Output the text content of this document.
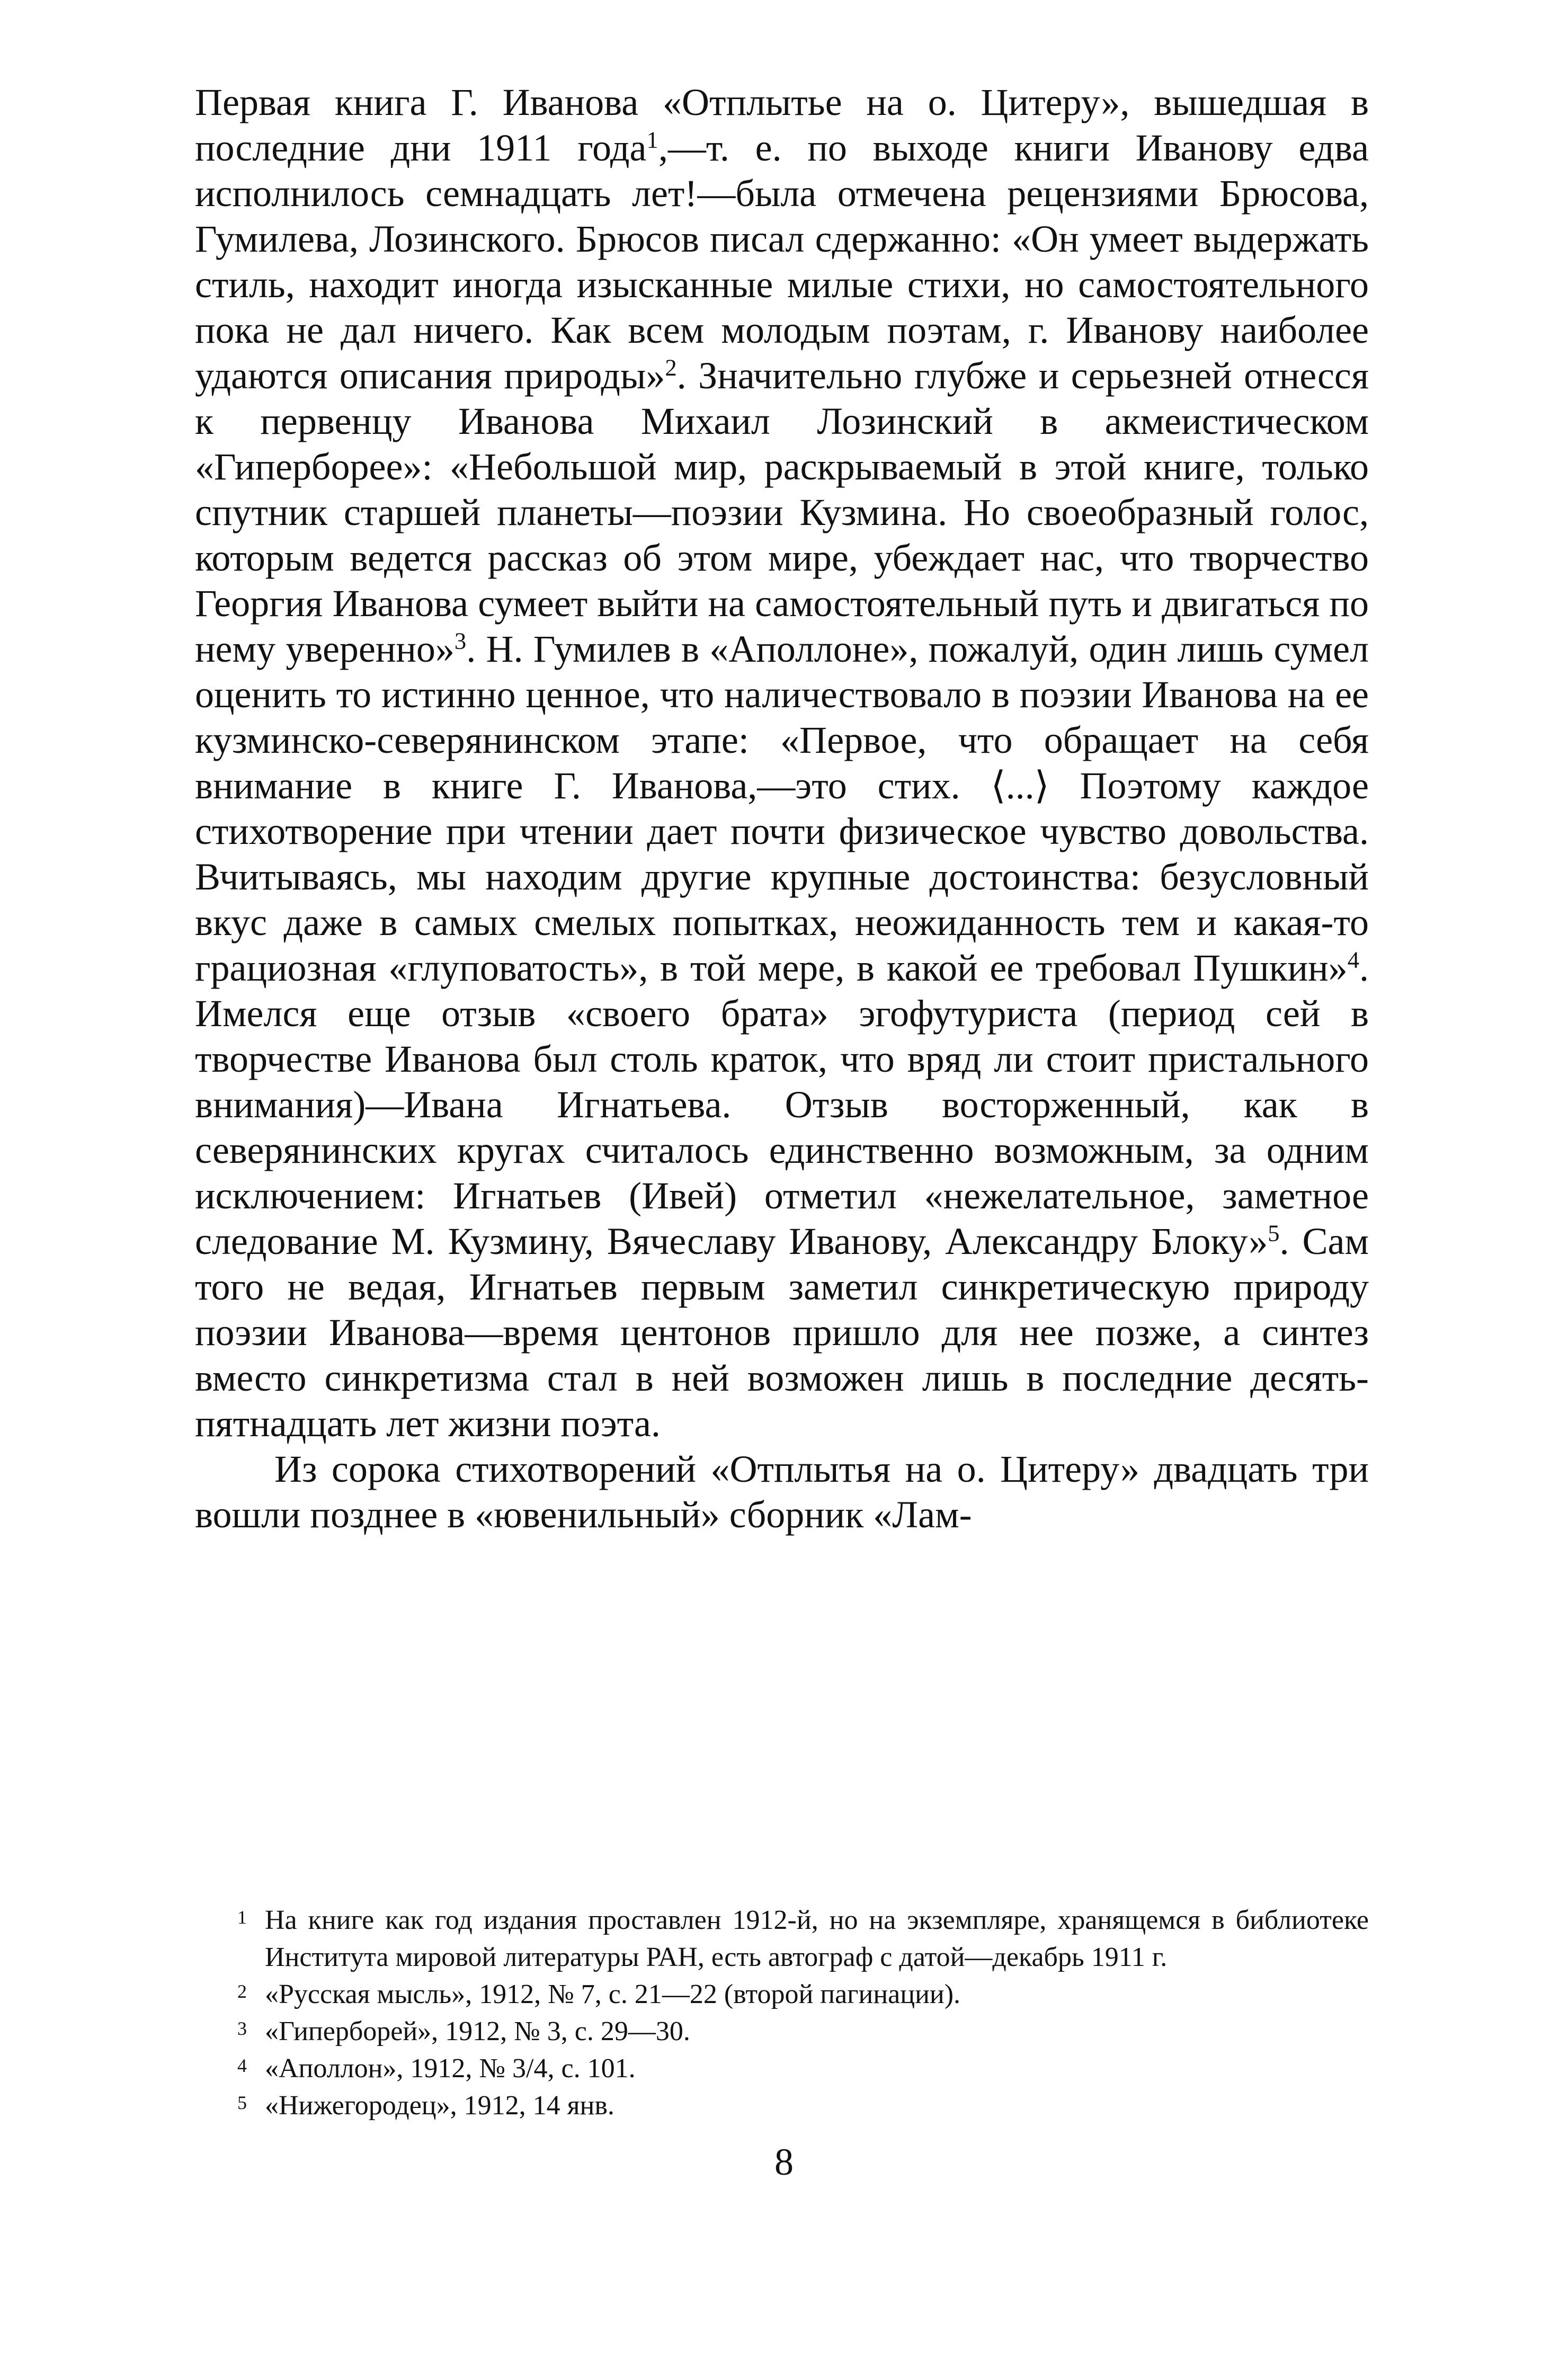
Первая книга Г. Иванова «Отплытье на о. Цитеру», вышедшая в последние дни 1911 года$^1$,—т. е. по выходе книги Иванову едва исполнилось семнадцать лет!—была отмечена рецензиями Брюсова, Гумилева, Лозинского. Брюсов писал сдержанно: «Он умеет выдержать стиль, находит иногда изысканные милые стихи, но самостоятельного пока не дал ничего. Как всем молодым поэтам, г. Иванову наиболее удаются описания природы»$^2$. Значительно глубже и серьезней отнесся к первенцу Иванова Михаил Лозинский в акмеистическом «Гиперборее»: «Небольшой мир, раскрываемый в этой книге, только спутник старшей планеты—поэзии Кузмина. Но своеобразный голос, которым ведется рассказ об этом мире, убеждает нас, что творчество Георгия Иванова сумеет выйти на самостоятельный путь и двигаться по нему уверенно»$^3$. Н. Гумилев в «Аполлоне», пожалуй, один лишь сумел оценить то истинно ценное, что наличествовало в поэзии Иванова на ее кузминско-северянинском этапе: «Первое, что обращает на себя внимание в книге Г. Иванова,—это стих. ⟨...⟩ Поэтому каждое стихотворение при чтении дает почти физическое чувство довольства. Вчитываясь, мы находим другие крупные достоинства: безусловный вкус даже в самых смелых попытках, неожиданность тем и какая-то грациозная «глуповатость», в той мере, в какой ее требовал Пушкин»$^4$. Имелся еще отзыв «своего брата» эгофутуриста (период сей в творчестве Иванова был столь краток, что вряд ли стоит пристального внимания)—Ивана Игнатьева. Отзыв восторженный, как в северянинских кругах считалось единственно возможным, за одним исключением: Игнатьев (Ивей) отметил «нежелательное, заметное следование М. Кузмину, Вячеславу Иванову, Александру Блоку»$^5$. Сам того не ведая, Игнатьев первым заметил синкретическую природу поэзии Иванова—время центонов пришло для нее позже, а синтез вместо синкретизма стал в ней возможен лишь в последние десять-пятнадцать лет жизни поэта.

Из сорока стихотворений «Отплытья на о. Цитеру» двадцать три вошли позднее в «ювенильный» сборник «Лам-

1 На книге как год издания проставлен 1912-й, но на экземпляре, хранящемся в библиотеке Института мировой литературы РАН, есть автограф с датой—декабрь 1911 г.

2 «Русская мысль», 1912, № 7, с. 21—22 (второй пагинации).

3 «Гиперборей», 1912, № 3, с. 29—30.

4 «Аполлон», 1912, № 3/4, с. 101.

5 «Нижегородец», 1912, 14 янв.

8
